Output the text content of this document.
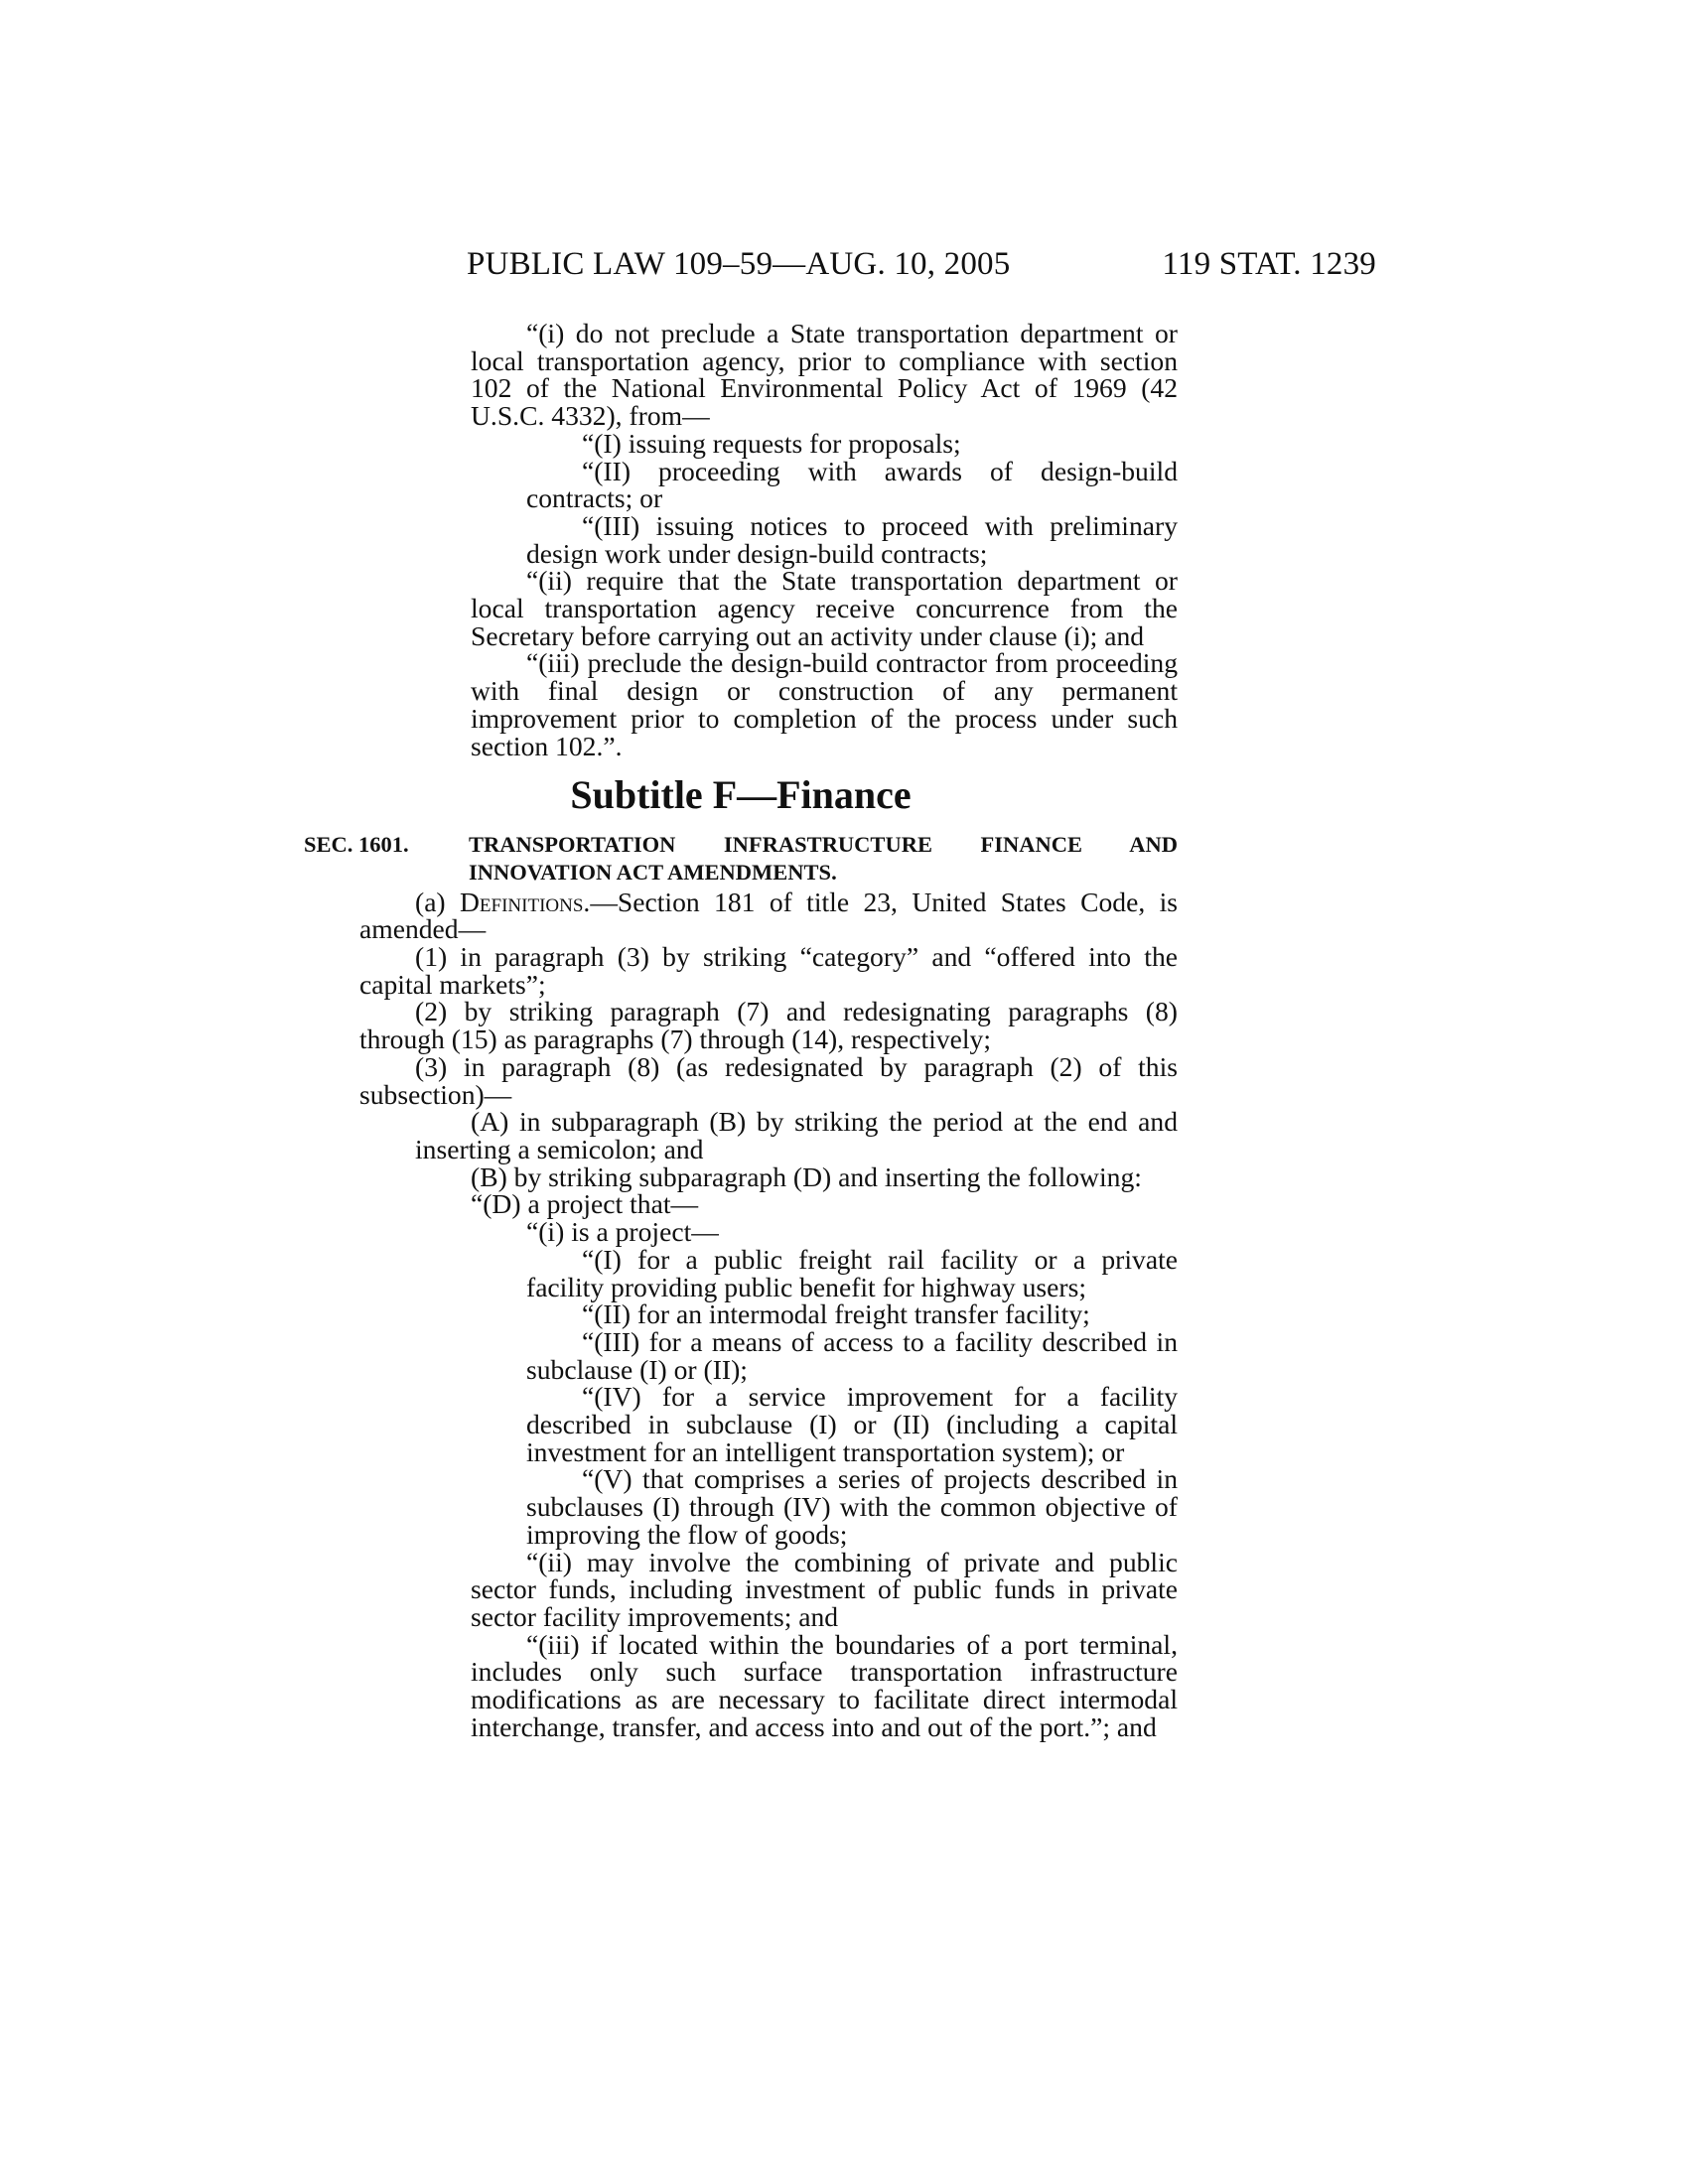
PUBLIC LAW 109–59—AUG. 10, 2005	119 STAT. 1239

“(i) do not preclude a State transportation department or local transportation agency, prior to compliance with section 102 of the National Environmental Policy Act of 1969 (42 U.S.C. 4332), from—

“(I) issuing requests for proposals;

“(II) proceeding with awards of design-build contracts; or

“(III) issuing notices to proceed with preliminary design work under design-build contracts;

“(ii) require that the State transportation department or local transportation agency receive concurrence from the Secretary before carrying out an activity under clause (i); and

“(iii) preclude the design-build contractor from proceeding with final design or construction of any permanent improvement prior to completion of the process under such section 102.”.

Subtitle F—Finance
SEC. 1601.	TRANSPORTATION INFRASTRUCTURE FINANCE AND INNOVATION ACT AMENDMENTS.

(a) Definitions.—Section 181 of title 23, United States Code, is amended—

(1) in paragraph (3) by striking “category” and “offered into the capital markets”;

(2) by striking paragraph (7) and redesignating paragraphs (8) through (15) as paragraphs (7) through (14), respectively;

(3) in paragraph (8) (as redesignated by paragraph (2) of this subsection)—

(A) in subparagraph (B) by striking the period at the end and inserting a semicolon; and

(B) by striking subparagraph (D) and inserting the following:

“(D) a project that—

“(i) is a project—

“(I) for a public freight rail facility or a private facility providing public benefit for highway users;

“(II) for an intermodal freight transfer facility;

“(III) for a means of access to a facility described in subclause (I) or (II);

“(IV) for a service improvement for a facility described in subclause (I) or (II) (including a capital investment for an intelligent transportation system); or

“(V) that comprises a series of projects described in subclauses (I) through (IV) with the common objective of improving the flow of goods;

“(ii) may involve the combining of private and public sector funds, including investment of public funds in private sector facility improvements; and

“(iii) if located within the boundaries of a port terminal, includes only such surface transportation infrastructure modifications as are necessary to facilitate direct intermodal interchange, transfer, and access into and out of the port.”; and
